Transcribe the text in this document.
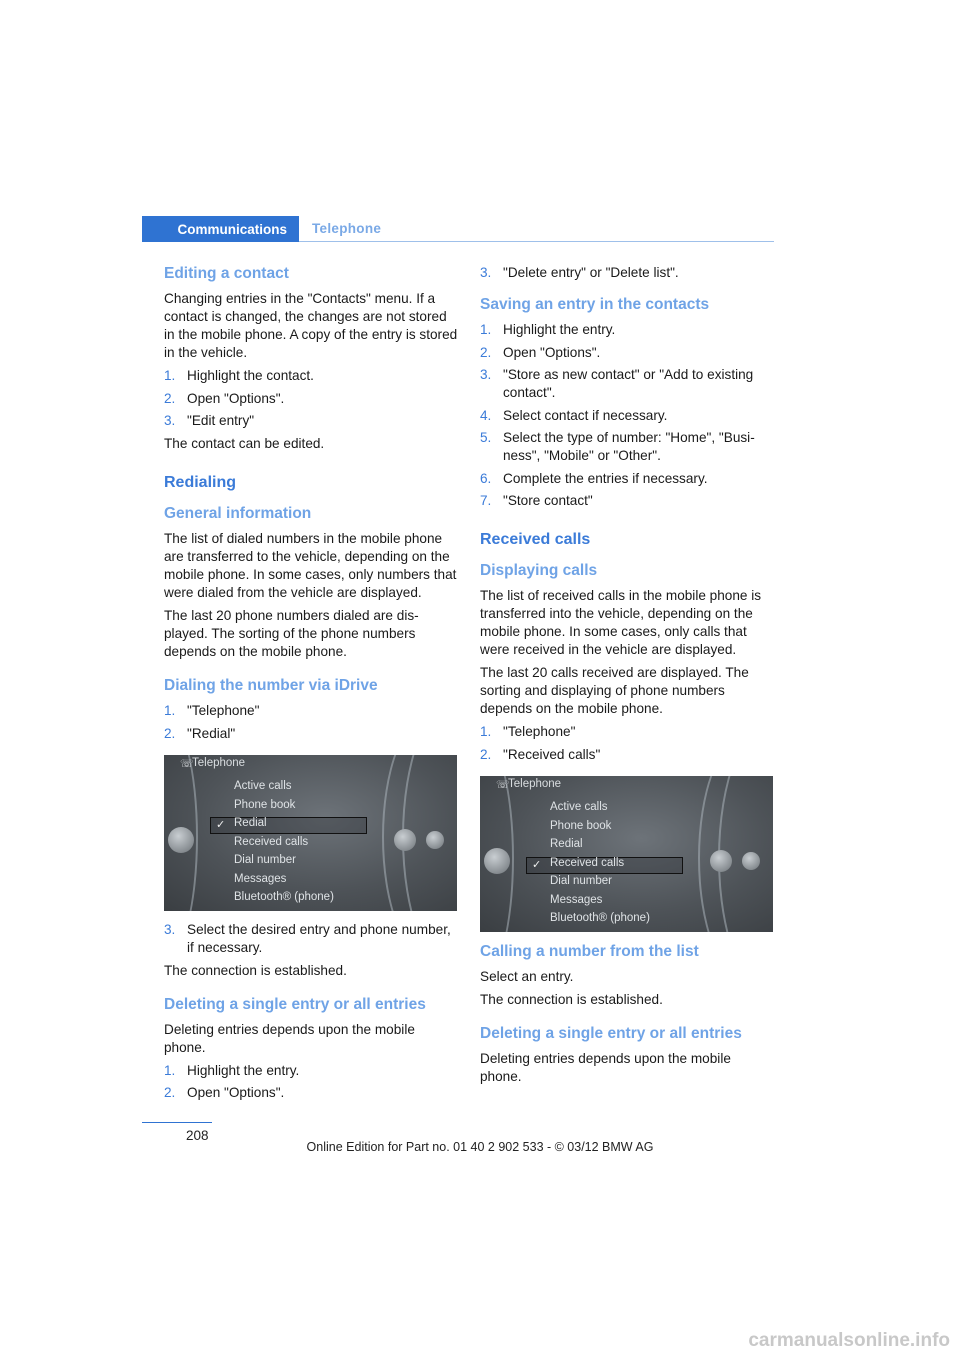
Communications	Telephone
Editing a contact

Changing entries in the "Contacts" menu. If a contact is changed, the changes are not stored in the mobile phone. A copy of the entry is stored in the vehicle.

1. Highlight the contact.
2. Open "Options".
3. "Edit entry"

The contact can be edited.

Redialing
General information

The list of dialed numbers in the mobile phone are transferred to the vehicle, depending on the mobile phone. In some cases, only numbers that were dialed from the vehicle are displayed.

The last 20 phone numbers dialed are dis-played. The sorting of the phone numbers depends on the mobile phone.

Dialing the number via iDrive
1. "Telephone"
2. "Redial"
☏
Telephone
Active calls
Phone book
✓ Redial
Received calls
Dial number
Messages
Bluetooth® (phone)
3. Select the desired entry and phone number, if necessary.

The connection is established.

Deleting a single entry or all entries

Deleting entries depends upon the mobile phone.

1. Highlight the entry.
2. Open "Options".
3. "Delete entry" or "Delete list".
Saving an entry in the contacts
1. Highlight the entry.
2. Open "Options".
3. "Store as new contact" or "Add to existing contact".
4. Select contact if necessary.
5. Select the type of number: "Home", "Busi-ness", "Mobile" or "Other".
6. Complete the entries if necessary.
7. "Store contact"
Received calls
Displaying calls

The list of received calls in the mobile phone is transferred into the vehicle, depending on the mobile phone. In some cases, only calls that were received in the vehicle are displayed.

The last 20 calls received are displayed. The sorting and displaying of phone numbers depends on the mobile phone.

1. "Telephone"
2. "Received calls"
☏
Telephone
Active calls
Phone book
Redial
✓ Received calls
Dial number
Messages
Bluetooth® (phone)
Calling a number from the list

Select an entry.

The connection is established.

Deleting a single entry or all entries

Deleting entries depends upon the mobile phone.

208
Online Edition for Part no. 01 40 2 902 533 - © 03/12 BMW AG
carmanualsonline.info
